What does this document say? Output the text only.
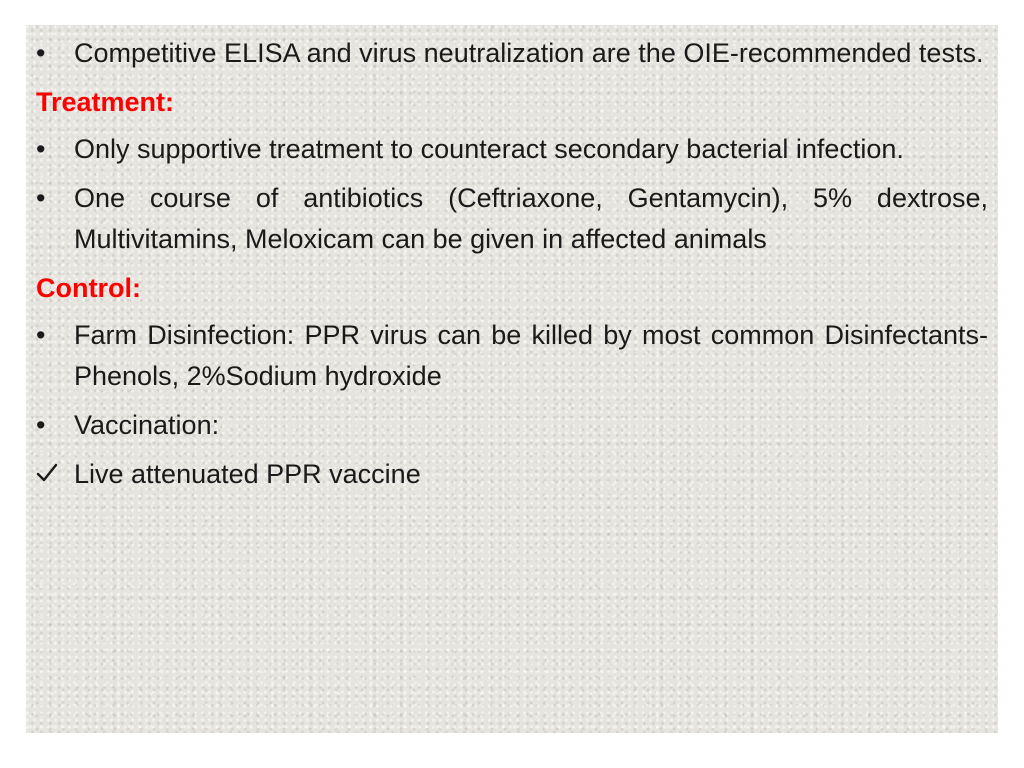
•	Competitive ELISA and virus neutralization are the OIE-recommended tests.
Treatment:
•	Only supportive treatment to counteract secondary bacterial infection.
•	One course of antibiotics (Ceftriaxone, Gentamycin), 5% dextrose, Multivitamins, Meloxicam can be given in affected animals
Control:
•	Farm Disinfection: PPR virus can be killed by most common Disinfectants-Phenols, 2%Sodium hydroxide
•	Vaccination:
Live attenuated PPR vaccine
